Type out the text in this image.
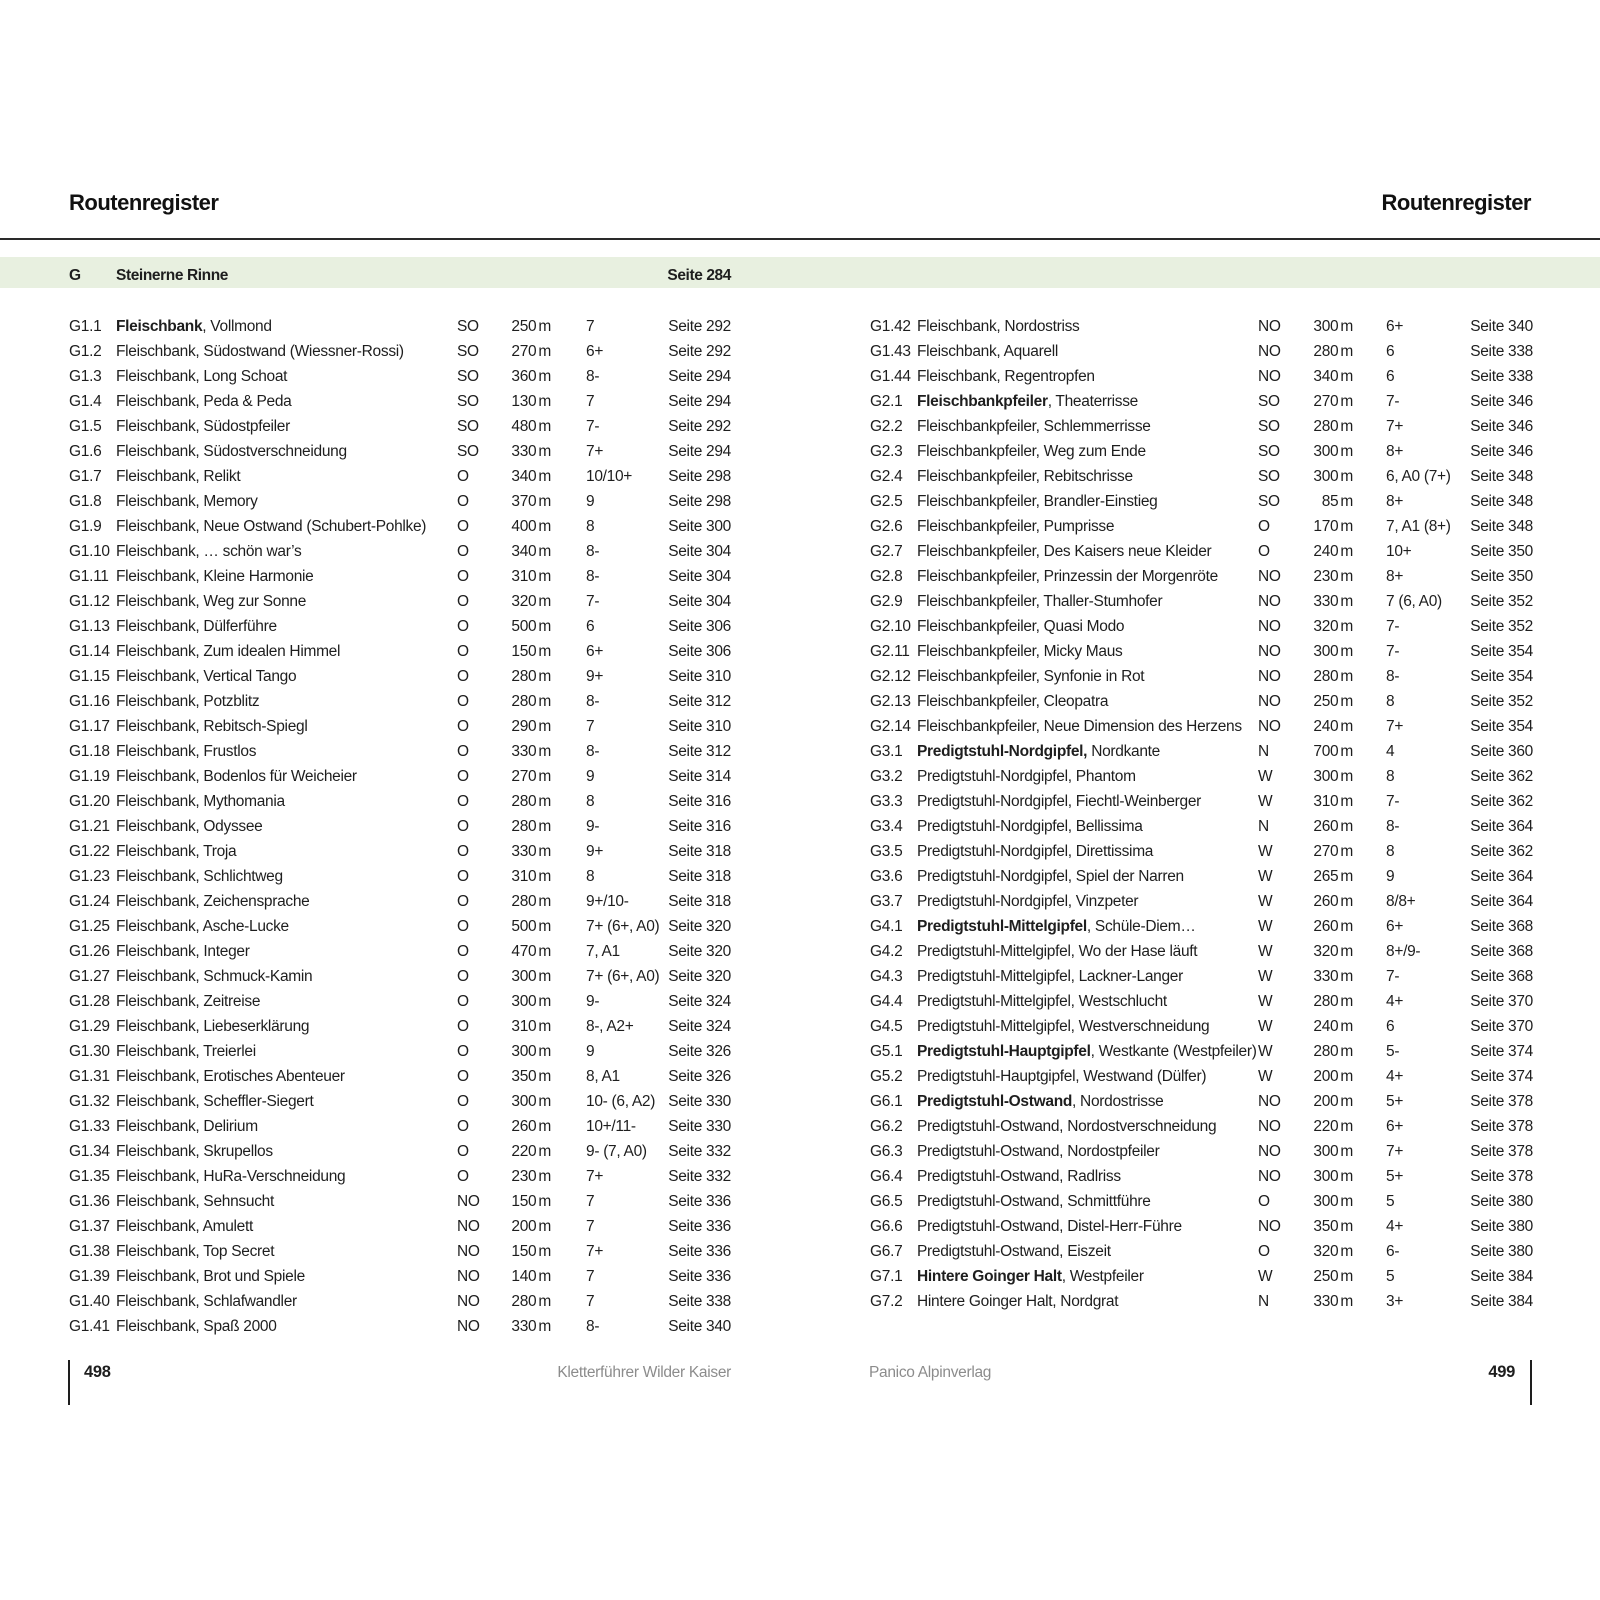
Routenregister	Routenregister
G Steinerne Rinne	Seite 284
G1.1 Fleischbank, Vollmond	SO	250 m 7	Seite 292
G1.2 Fleischbank, Südostwand (Wiessner-Rossi)	SO	270 m 6+	Seite 292
G1.3 Fleischbank, Long Schoat	SO	360 m 8-	Seite 294
G1.4 Fleischbank, Peda & Peda	SO	130 m 7	Seite 294
G1.5 Fleischbank, Südostpfeiler	SO	480 m 7-	Seite 292
G1.6 Fleischbank, Südostverschneidung	SO	330 m 7+	Seite 294
G1.7 Fleischbank, Relikt	O	340 m 10/10+	Seite 298
G1.8 Fleischbank, Memory	O	370 m 9	Seite 298
G1.9 Fleischbank, Neue Ostwand (Schubert-Pohlke)	O	400 m 8	Seite 300
G1.10 Fleischbank, … schön war’s	O	340 m 8-	Seite 304
G1.11 Fleischbank, Kleine Harmonie	O	310 m 8-	Seite 304
G1.12 Fleischbank, Weg zur Sonne	O	320 m 7-	Seite 304
G1.13 Fleischbank, Dülferführe	O	500 m 6	Seite 306
G1.14 Fleischbank, Zum idealen Himmel	O	150 m 6+	Seite 306
G1.15 Fleischbank, Vertical Tango	O	280 m 9+	Seite 310
G1.16 Fleischbank, Potzblitz	O	280 m 8-	Seite 312
G1.17 Fleischbank, Rebitsch-Spiegl	O	290 m 7	Seite 310
G1.18 Fleischbank, Frustlos	O	330 m 8-	Seite 312
G1.19 Fleischbank, Bodenlos für Weicheier	O	270 m 9	Seite 314
G1.20 Fleischbank, Mythomania	O	280 m 8	Seite 316
G1.21 Fleischbank, Odyssee	O	280 m 9-	Seite 316
G1.22 Fleischbank, Troja	O	330 m 9+	Seite 318
G1.23 Fleischbank, Schlichtweg	O	310 m 8	Seite 318
G1.24 Fleischbank, Zeichensprache	O	280 m 9+/10-	Seite 318
G1.25 Fleischbank, Asche-Lucke	O	500 m 7+ (6+, A0) Seite 320
G1.26 Fleischbank, Integer	O	470 m 7, A1	Seite 320
G1.27 Fleischbank, Schmuck-Kamin	O	300 m 7+ (6+, A0) Seite 320
G1.28 Fleischbank, Zeitreise	O	300 m 9-	Seite 324
G1.29 Fleischbank, Liebeserklärung	O	310 m 8-, A2+	Seite 324
G1.30 Fleischbank, Treierlei	O	300 m 9	Seite 326
G1.31 Fleischbank, Erotisches Abenteuer	O	350 m 8, A1	Seite 326
G1.32 Fleischbank, Scheffler-Siegert	O	300 m 10- (6, A2) Seite 330
G1.33 Fleischbank, Delirium	O	260 m 10+/11-	Seite 330
G1.34 Fleischbank, Skrupellos	O	220 m 9- (7, A0)	Seite 332
G1.35 Fleischbank, HuRa-Verschneidung	O	230 m 7+	Seite 332
G1.36 Fleischbank, Sehnsucht	NO	150 m 7	Seite 336
G1.37 Fleischbank, Amulett	NO	200 m 7	Seite 336
G1.38 Fleischbank, Top Secret	NO	150 m 7+	Seite 336
G1.39 Fleischbank, Brot und Spiele	NO	140 m 7	Seite 336
G1.40 Fleischbank, Schlafwandler	NO	280 m 7	Seite 338
G1.41 Fleischbank, Spaß 2000	NO	330 m 8-	Seite 340
G1.42 Fleischbank, Nordostriss	NO	300 m 6+	Seite 340
G1.43 Fleischbank, Aquarell	NO	280 m 6	Seite 338
G1.44 Fleischbank, Regentropfen	NO	340 m 6	Seite 338
G2.1 Fleischbankpfeiler, Theaterrisse	SO	270 m 7-	Seite 346
G2.2 Fleischbankpfeiler, Schlemmerrisse	SO	280 m 7+	Seite 346
G2.3 Fleischbankpfeiler, Weg zum Ende	SO	300 m 8+	Seite 346
G2.4 Fleischbankpfeiler, Rebitschrisse	SO	300 m 6, A0 (7+)	Seite 348
G2.5 Fleischbankpfeiler, Brandler-Einstieg	SO	85 m 8+	Seite 348
G2.6 Fleischbankpfeiler, Pumprisse	O	170 m 7, A1 (8+)	Seite 348
G2.7 Fleischbankpfeiler, Des Kaisers neue Kleider	O	240 m 10+	Seite 350
G2.8 Fleischbankpfeiler, Prinzessin der Morgenröte	NO	230 m 8+	Seite 350
G2.9 Fleischbankpfeiler, Thaller-Stumhofer	NO	330 m 7 (6, A0)	Seite 352
G2.10 Fleischbankpfeiler, Quasi Modo	NO	320 m 7-	Seite 352
G2.11 Fleischbankpfeiler, Micky Maus	NO	300 m 7-	Seite 354
G2.12 Fleischbankpfeiler, Synfonie in Rot	NO	280 m 8-	Seite 354
G2.13 Fleischbankpfeiler, Cleopatra	NO	250 m 8	Seite 352
G2.14 Fleischbankpfeiler, Neue Dimension des Herzens	NO	240 m 7+	Seite 354
G3.1 Predigtstuhl-Nordgipfel, Nordkante	N	700 m 4	Seite 360
G3.2 Predigtstuhl-Nordgipfel, Phantom	W	300 m 8	Seite 362
G3.3 Predigtstuhl-Nordgipfel, Fiechtl-Weinberger	W	310 m 7-	Seite 362
G3.4 Predigtstuhl-Nordgipfel, Bellissima	N	260 m 8-	Seite 364
G3.5 Predigtstuhl-Nordgipfel, Direttissima	W	270 m 8	Seite 362
G3.6 Predigtstuhl-Nordgipfel, Spiel der Narren	W	265 m 9	Seite 364
G3.7 Predigtstuhl-Nordgipfel, Vinzpeter	W	260 m 8/8+	Seite 364
G4.1 Predigtstuhl-Mittelgipfel, Schüle-Diem…	W	260 m 6+	Seite 368
G4.2 Predigtstuhl-Mittelgipfel, Wo der Hase läuft	W	320 m 8+/9-	Seite 368
G4.3 Predigtstuhl-Mittelgipfel, Lackner-Langer	W	330 m 7-	Seite 368
G4.4 Predigtstuhl-Mittelgipfel, Westschlucht	W	280 m 4+	Seite 370
G4.5 Predigtstuhl-Mittelgipfel, Westverschneidung	W	240 m 6	Seite 370
G5.1 Predigtstuhl-Hauptgipfel, Westkante (Westpfeiler) W	280 m 5-	Seite 374
G5.2 Predigtstuhl-Hauptgipfel, Westwand (Dülfer)	W	200 m 4+	Seite 374
G6.1 Predigtstuhl-Ostwand, Nordostrisse	NO	200 m 5+	Seite 378
G6.2 Predigtstuhl-Ostwand, Nordostverschneidung	NO	220 m 6+	Seite 378
G6.3 Predigtstuhl-Ostwand, Nordostpfeiler	NO	300 m 7+	Seite 378
G6.4 Predigtstuhl-Ostwand, Radlriss	NO	300 m 5+	Seite 378
G6.5 Predigtstuhl-Ostwand, Schmittführe	O	300 m 5	Seite 380
G6.6 Predigtstuhl-Ostwand, Distel-Herr-Führe	NO	350 m 4+	Seite 380
G6.7 Predigtstuhl-Ostwand, Eiszeit	O	320 m 6-	Seite 380
G7.1 Hintere Goinger Halt, Westpfeiler	W	250 m 5	Seite 384
G7.2 Hintere Goinger Halt, Nordgrat	N	330 m 3+	Seite 384
498	Kletterführer Wilder Kaiser	Panico Alpinverlag	499
